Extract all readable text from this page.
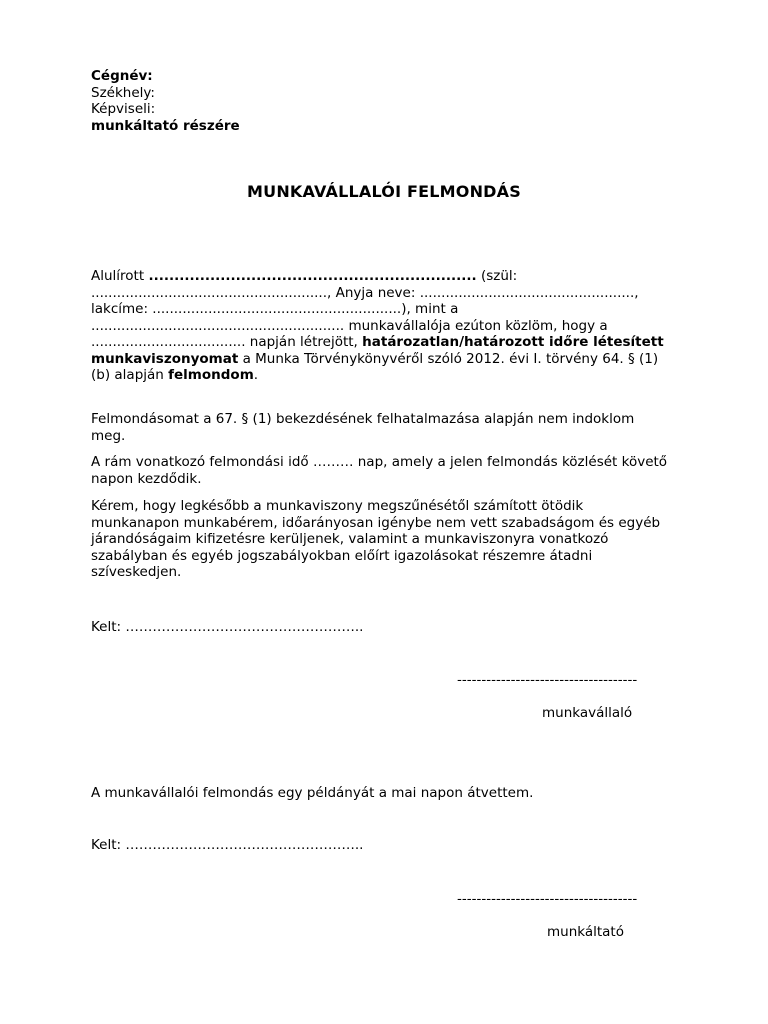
Cégnév:
Székhely:
Képviseli:
munkáltató részére
MUNKAVÁLLALÓI FELMONDÁS

Alulírott ................................................................ (szül: ......................................................., Anyja neve: .................................................., lakcíme: ..........................................................), mint a ........................................................... munkavállalója ezúton közlöm, hogy a .................................... napján létrejött, határozatlan/határozott időre létesített munkaviszonyomat a Munka Törvénykönyvéről szóló 2012. évi I. törvény 64. § (1) (b) alapján felmondom.

Felmondásomat a 67. § (1) bekezdésének felhatalmazása alapján nem indoklom meg.

A rám vonatkozó felmondási idő ……… nap, amely a jelen felmondás közlését követő napon kezdődik.

Kérem, hogy legkésőbb a munkaviszony megszűnésétől számított ötödik munkanapon munkabérem, időarányosan igénybe nem vett szabadságom és egyéb járandóságaim kifizetésre kerüljenek, valamint a munkaviszonyra vonatkozó szabályban és egyéb jogszabályokban előírt igazolásokat részemre átadni szíveskedjen.

Kelt: ……………………………………………..
-------------------------------------
munkavállaló
A munkavállalói felmondás egy példányát a mai napon átvettem.
Kelt: ……………………………………………..
-------------------------------------
munkáltató
